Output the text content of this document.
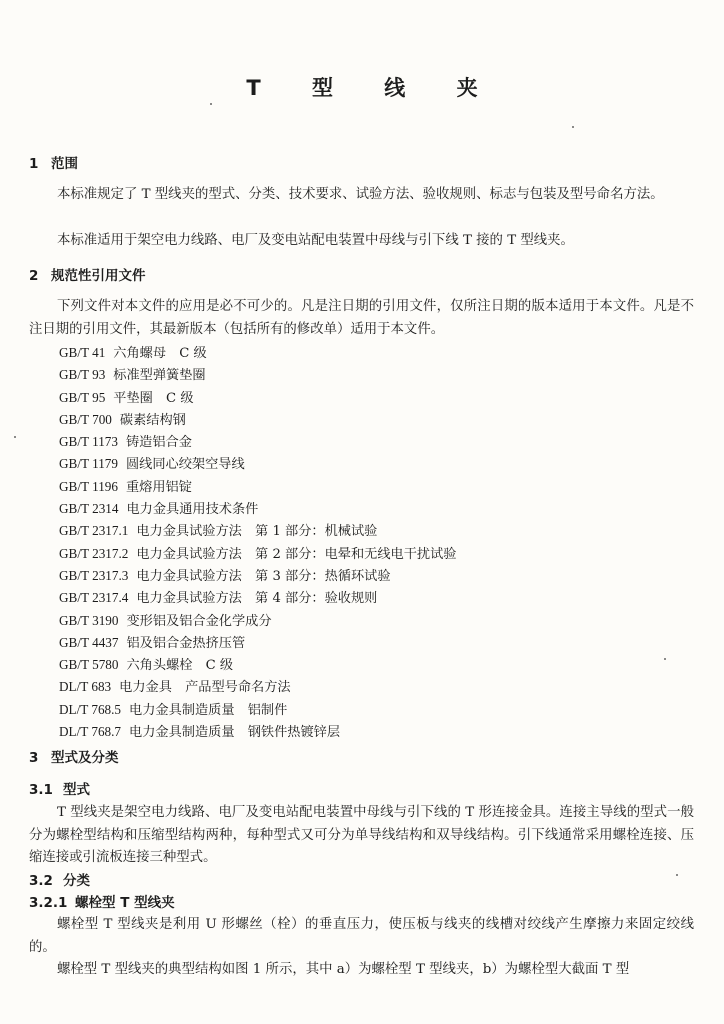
T 型 线 夹
1 范围
本标准规定了 T 型线夹的型式、分类、技术要求、试验方法、验收规则、标志与包装及型号命名方法。
本标准适用于架空电力线路、电厂及变电站配电装置中母线与引下线 T 接的 T 型线夹。
2 规范性引用文件
下列文件对本文件的应用是必不可少的。凡是注日期的引用文件，仅所注日期的版本适用于本文件。凡是不注日期的引用文件，其最新版本（包括所有的修改单）适用于本文件。
GB/T 41 六角螺母　C 级
GB/T 93 标准型弹簧垫圈
GB/T 95 平垫圈　C 级
GB/T 700 碳素结构钢
GB/T 1173 铸造铝合金
GB/T 1179 圆线同心绞架空导线
GB/T 1196 重熔用铝锭
GB/T 2314 电力金具通用技术条件
GB/T 2317.1 电力金具试验方法　第 1 部分：机械试验
GB/T 2317.2 电力金具试验方法　第 2 部分：电晕和无线电干扰试验
GB/T 2317.3 电力金具试验方法　第 3 部分：热循环试验
GB/T 2317.4 电力金具试验方法　第 4 部分：验收规则
GB/T 3190 变形铝及铝合金化学成分
GB/T 4437 铝及铝合金热挤压管
GB/T 5780 六角头螺栓　C 级
DL/T 683 电力金具　产品型号命名方法
DL/T 768.5 电力金具制造质量　铝制件
DL/T 768.7 电力金具制造质量　钢铁件热镀锌层
3 型式及分类
3.1 型式
T 型线夹是架空电力线路、电厂及变电站配电装置中母线与引下线的 T 形连接金具。连接主导线的型式一般分为螺栓型结构和压缩型结构两种，每种型式又可分为单导线结构和双导线结构。引下线通常采用螺栓连接、压缩连接或引流板连接三种型式。
3.2 分类
3.2.1 螺栓型 T 型线夹
螺栓型 T 型线夹是利用 U 形螺丝（栓）的垂直压力，使压板与线夹的线槽对绞线产生摩擦力来固定绞线的。
螺栓型 T 型线夹的典型结构如图 1 所示，其中 a）为螺栓型 T 型线夹，b）为螺栓型大截面 T 型
